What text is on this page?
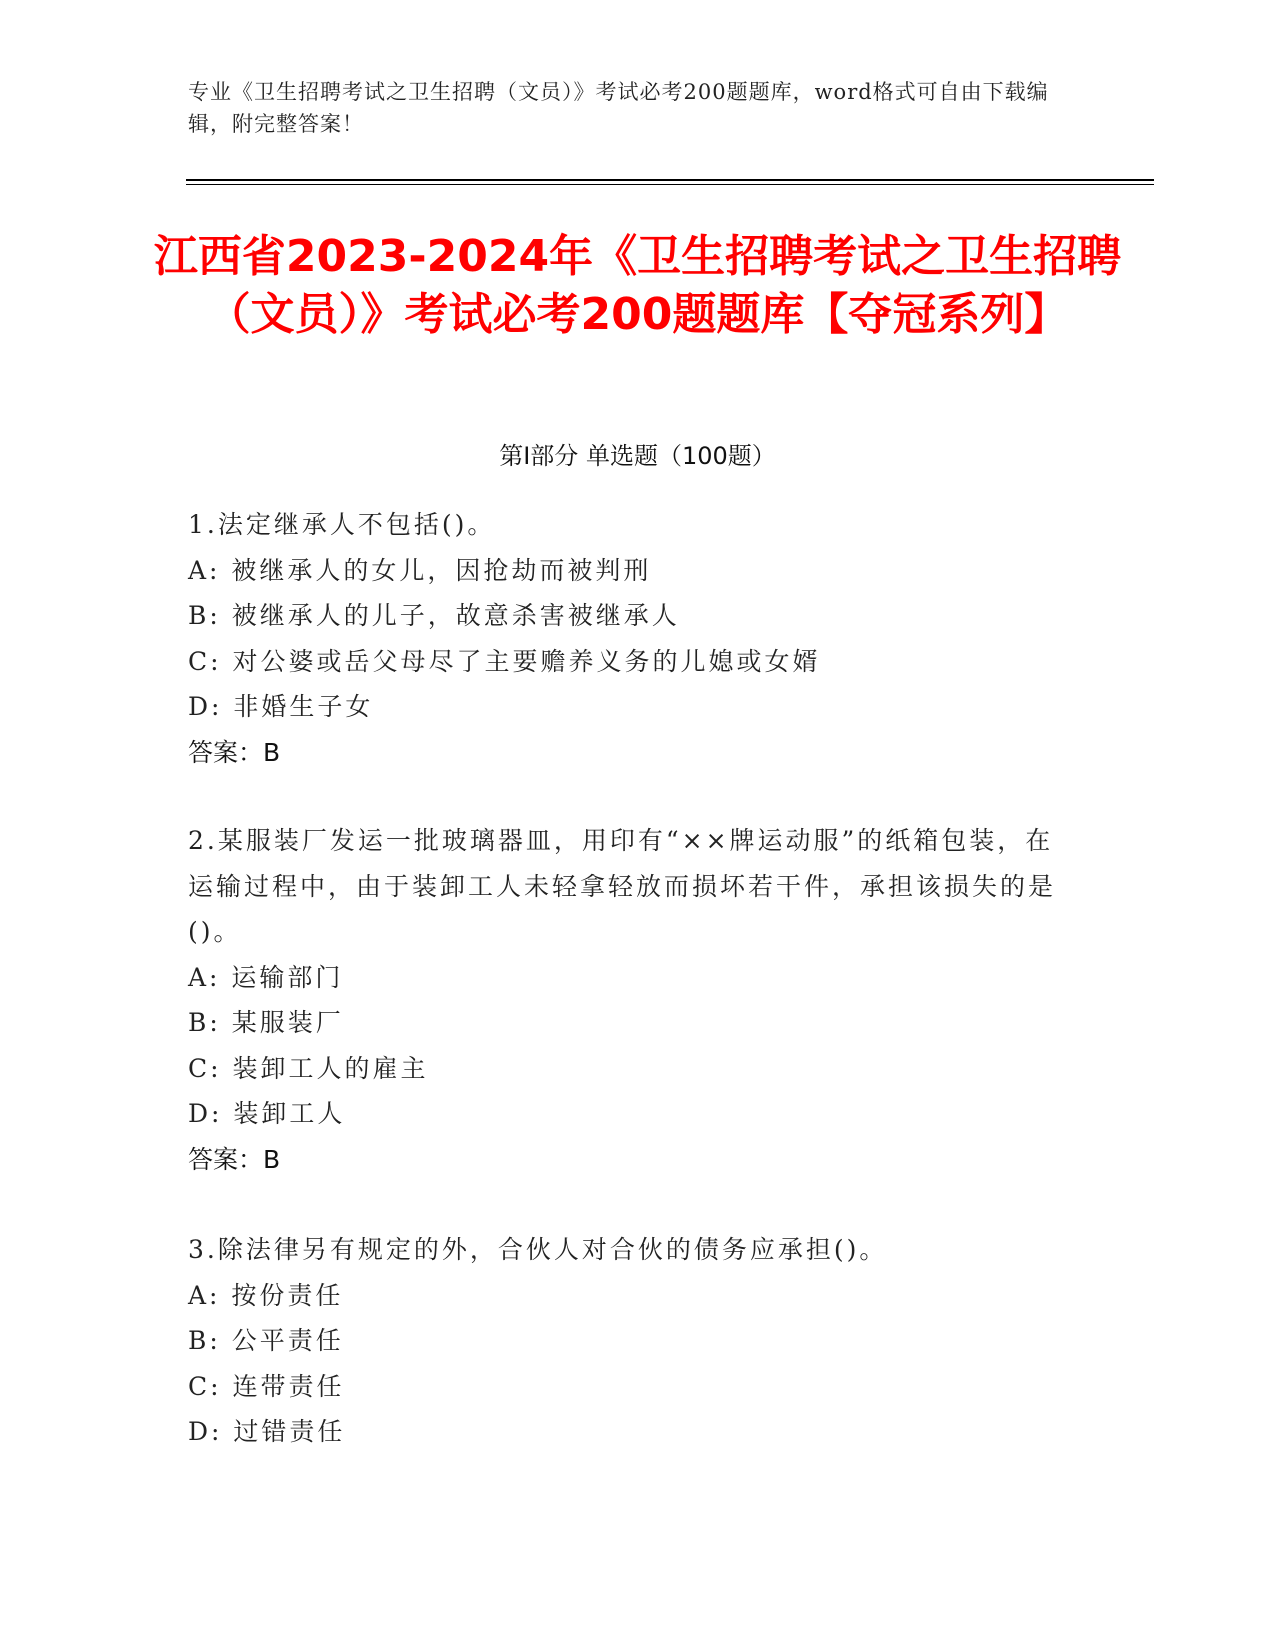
专业《卫生招聘考试之卫生招聘（文员）》考试必考200题题库，word格式可自由下载编辑，附完整答案！
江西省2023-2024年《卫生招聘考试之卫生招聘（文员）》考试必考200题题库【夺冠系列】
第Ⅰ部分 单选题（100题）
1.法定继承人不包括()。
A: 被继承人的女儿，因抢劫而被判刑
B: 被继承人的儿子，故意杀害被继承人
C: 对公婆或岳父母尽了主要赡养义务的儿媳或女婿
D: 非婚生子女
答案：B
2.某服装厂发运一批玻璃器皿，用印有“××牌运动服”的纸箱包装，在运输过程中，由于装卸工人未轻拿轻放而损坏若干件，承担该损失的是()。
A: 运输部门
B: 某服装厂
C: 装卸工人的雇主
D: 装卸工人
答案：B
3.除法律另有规定的外，合伙人对合伙的债务应承担()。
A: 按份责任
B: 公平责任
C: 连带责任
D: 过错责任
